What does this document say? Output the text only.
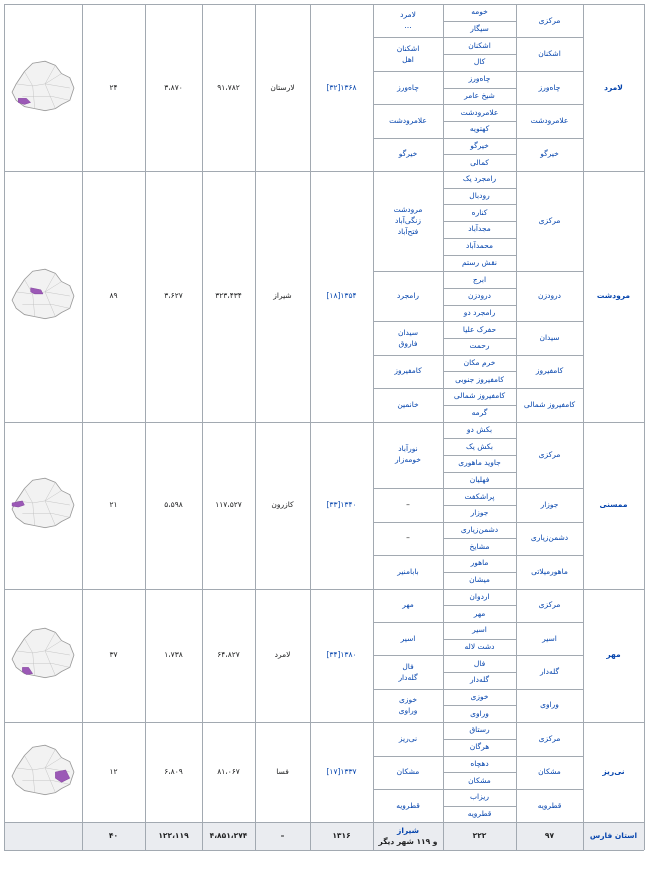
لامرد
[۳۲]۱۳۶۸
لارستان
۹۱،۷۸۲
۳،۸۷۰
۲۴
مرکزی
لامرد
…
خومه
سیگار
اشکنان
اشکنان
اهل
اشکنان
کال
چاه‌ورز
چاه‌ورز
چاه‌ورز
شیخ عامر
علامرودشت
علامرودشت
علامرودشت
کهتویه
خیرگو
خیرگو
خیرگو
کمالی
مرودشت
[۱۸]۱۳۵۴
شیراز
۳۲۳،۴۳۴
۳،۶۲۷
۸۹
مرکزی
مرودشت
زنگی‌آباد
فتح‌آباد
رامجرد یک
رودبال
کناره
مجدآباد
محمدآباد
نقش رستم
درودزن
رامجرد
ابرج
درودزن
رامجرد دو
سیدان
سیدان
فاروق
حفرک علیا
رحمت
کامفیروز
کامفیروز
خرم مکان
کامفیروز جنوبی
کامفیروز شمالی
خانمین
کامفیروز شمالی
گرمه
ممسنی
[۳۳]۱۳۴۰
کازرون
۱۱۷،۵۲۷
۵،۵۹۸
۲۱
مرکزی
نورآباد
خومه‌زار
بکش دو
بکش یک
جاوید ماهوری
فهلیان
جوزار
–
پراشکفت
جوزار
دشمن‌زیاری
–
دشمن‌زیاری
مشایخ
ماهورمیلاتی
بابامنیر
ماهور
میشان
مهر
[۳۴]۱۳۸۰
لامرد
۶۴،۸۲۷
۱،۷۳۸
۳۷
مرکزی
مهر
اردوان
مهر
اسیر
اسیر
اسیر
دشت لاله
گله‌دار
فال
گله‌دار
فال
گله‌دار
وراوی
خوزی
وراوی
خوزی
وراوی
نی‌ریز
[۱۷]۱۳۳۷
فسا
۸۱،۰۶۷
۶،۸۰۹
۱۲
مرکزی
نی‌ریز
رستاق
هرگان
مشکان
مشکان
دهچاه
مشکان
قطرویه
قطرویه
ریزاب
قطرویه
استان فارس
۹۷
۲۲۲
شیراز
و ۱۱۹ شهر دیگر
۱۳۱۶
–
۴،۸۵۱،۲۷۴
۱۲۲،۱۱۹
۴۰
